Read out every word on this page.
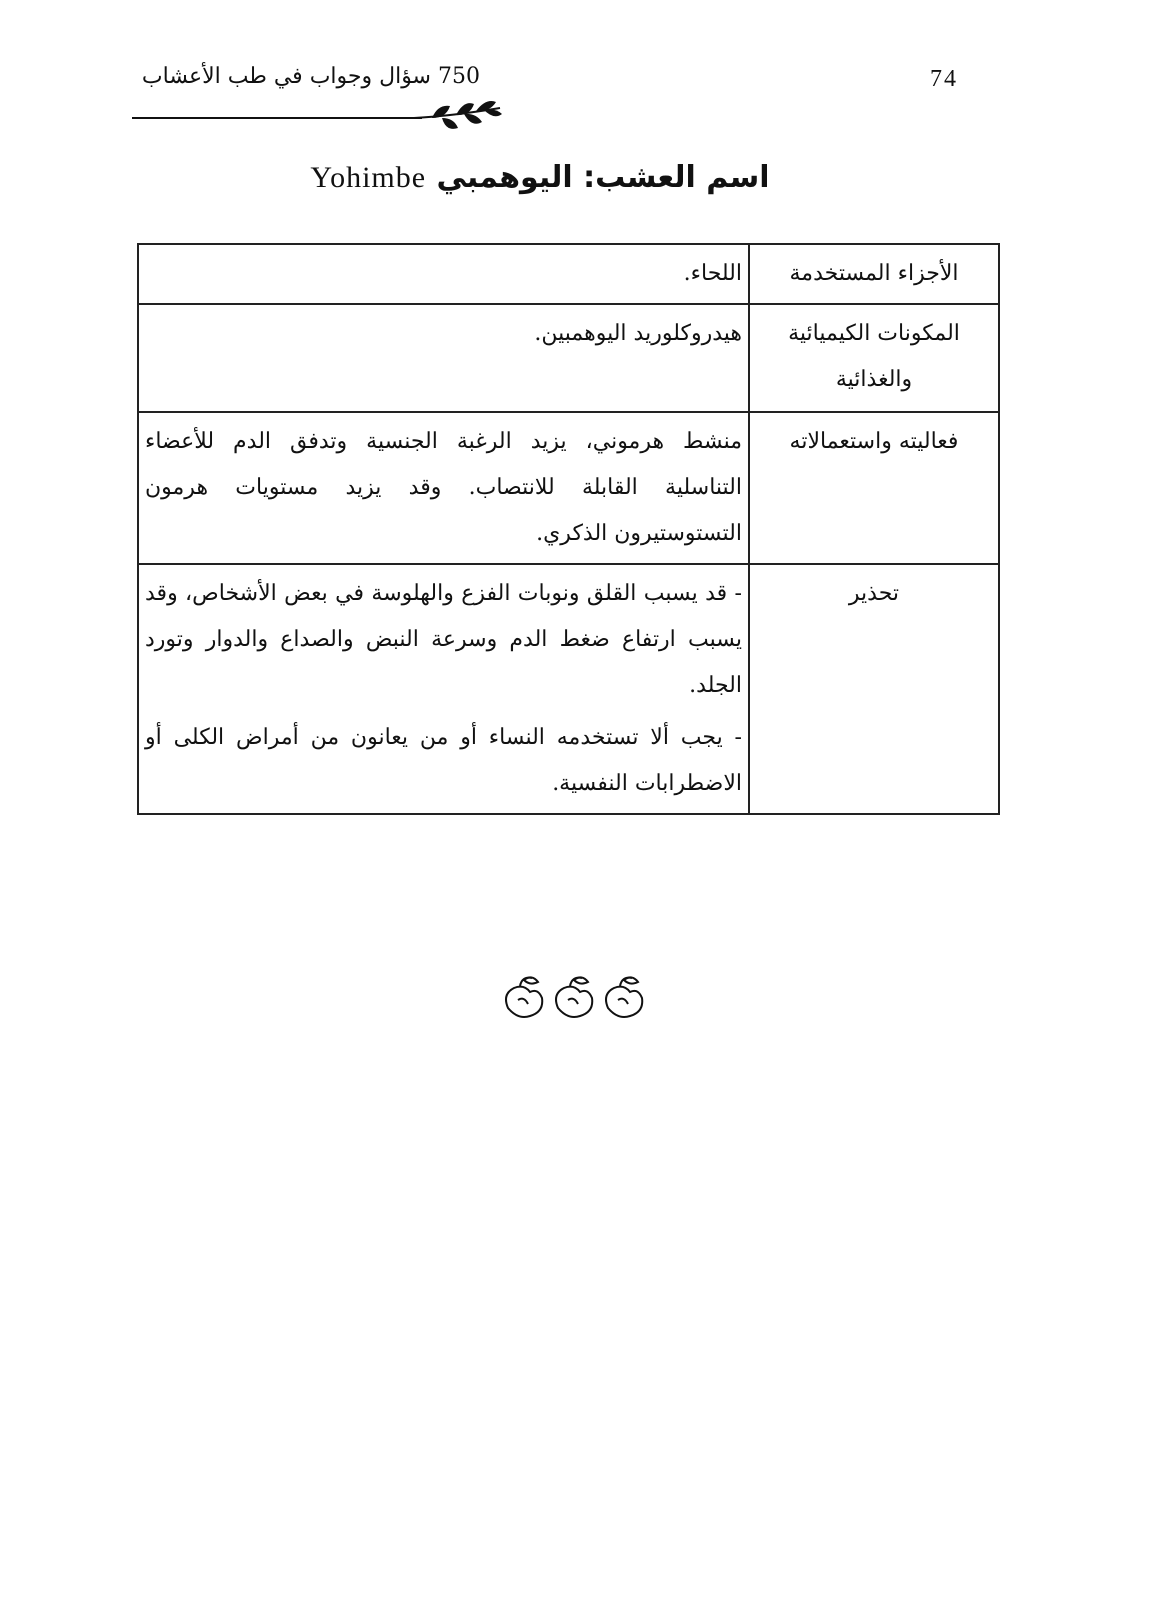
74
750 سؤال وجواب في طب الأعشاب
اسم العشب: اليوهمبي Yohimbe
الأجزاء المستخدمة	اللحاء.

المكونات الكيميائية والغذائية	هيدروكلوريد اليوهمبين.

فعاليته واستعمالاته	منشط هرموني، يزيد الرغبة الجنسية وتدفق الدم للأعضاء التناسلية القابلة للانتصاب. وقد يزيد مستويات هرمون التستوستيرون الذكري.

تحذير	- قد يسبب القلق ونوبات الفزع والهلوسة في بعض الأشخاص، وقد يسبب ارتفاع ضغط الدم وسرعة النبض والصداع والدوار وتورد الجلد.

- يجب ألا تستخدمه النساء أو من يعانون من أمراض الكلى أو الاضطرابات النفسية.
